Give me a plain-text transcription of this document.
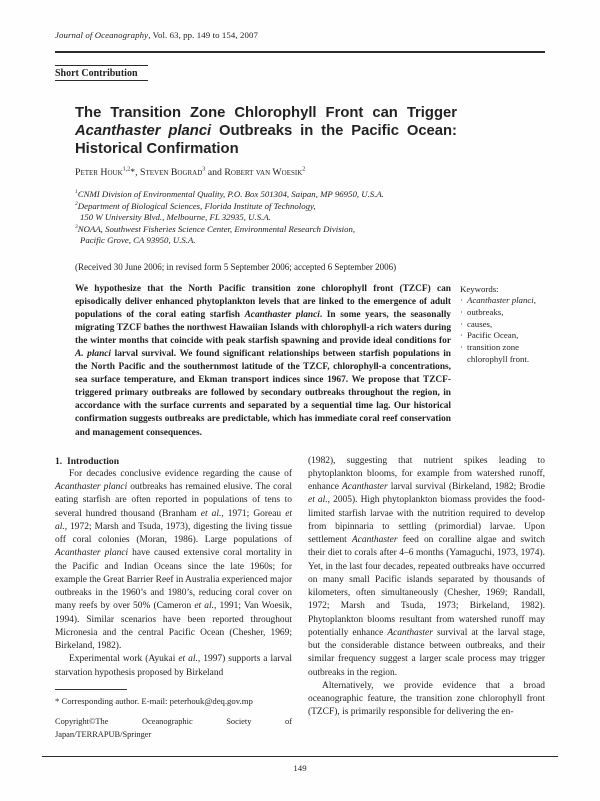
Journal of Oceanography, Vol. 63, pp. 149 to 154, 2007
Short Contribution
The Transition Zone Chlorophyll Front can Trigger
Acanthaster planci Outbreaks in the Pacific Ocean:
Historical Confirmation
Peter Houk$^{1,2}$*, Steven Bograd$^3$ and Robert van Woesik$^2$
$^1$CNMI Division of Environmental Quality, P.O. Box 501304, Saipan, MP 96950, U.S.A.
$^2$Department of Biological Sciences, Florida Institute of Technology,
150 W University Blvd., Melbourne, FL 32935, U.S.A.
$^3$NOAA, Southwest Fisheries Science Center, Environmental Research Division,
Pacific Grove, CA 93950, U.S.A.
(Received 30 June 2006; in revised form 5 September 2006; accepted 6 September 2006)
We hypothesize that the North Pacific transition zone chlorophyll front (TZCF) can episodically deliver enhanced phytoplankton levels that are linked to the emergence of adult populations of the coral eating starfish Acanthaster planci. In some years, the seasonally migrating TZCF bathes the northwest Hawaiian Islands with chlorophyll-a rich waters during the winter months that coincide with peak starfish spawning and provide ideal conditions for A. planci larval survival. We found significant relationships between starfish populations in the North Pacific and the southernmost latitude of the TZCF, chlorophyll-a concentrations, sea surface temperature, and Ekman transport indices since 1967. We propose that TZCF-triggered primary outbreaks are followed by secondary outbreaks throughout the region, in accordance with the surface currents and separated by a sequential time lag. Our historical confirmation suggests outbreaks are predictable, which has immediate coral reef conservation and management consequences.
Keywords:
· Acanthaster planci,
· outbreaks,
· causes,
· Pacific Ocean,
· transition zone chlorophyll front.

1.  Introduction

For decades conclusive evidence regarding the cause of Acanthaster planci outbreaks has remained elusive. The coral eating starfish are often reported in populations of tens to several hundred thousand (Branham et al., 1971; Goreau et al., 1972; Marsh and Tsuda, 1973), digesting the living tissue off coral colonies (Moran, 1986). Large populations of Acanthaster planci have caused extensive coral mortality in the Pacific and Indian Oceans since the late 1960s; for example the Great Barrier Reef in Australia experienced major outbreaks in the 1960’s and 1980’s, reducing coral cover on many reefs by over 50% (Cameron et al., 1991; Van Woesik, 1994). Similar scenarios have been reported throughout Micronesia and the central Pacific Ocean (Chesher, 1969; Birkeland, 1982).

Experimental work (Ayukai et al., 1997) supports a larval starvation hypothesis proposed by Birkeland

* Corresponding author. E-mail: peterhouk@deq.gov.mp
Copyright©The Oceanographic Society of Japan/TERRAPUB/Springer

(1982), suggesting that nutrient spikes leading to phytoplankton blooms, for example from watershed runoff, enhance Acanthaster larval survival (Birkeland, 1982; Brodie et al., 2005). High phytoplankton biomass provides the food-limited starfish larvae with the nutrition required to develop from bipinnaria to settling (primordial) larvae. Upon settlement Acanthaster feed on coralline algae and switch their diet to corals after 4–6 months (Yamaguchi, 1973, 1974). Yet, in the last four decades, repeated outbreaks have occurred on many small Pacific islands separated by thousands of kilometers, often simultaneously (Chesher, 1969; Randall, 1972; Marsh and Tsuda, 1973; Birkeland, 1982). Phytoplankton blooms resultant from watershed runoff may potentially enhance Acanthaster survival at the larval stage, but the considerable distance between outbreaks, and their similar frequency suggest a larger scale process may trigger outbreaks in the region.

Alternatively, we provide evidence that a broad oceanographic feature, the transition zone chlorophyll front (TZCF), is primarily responsible for delivering the en-

149
